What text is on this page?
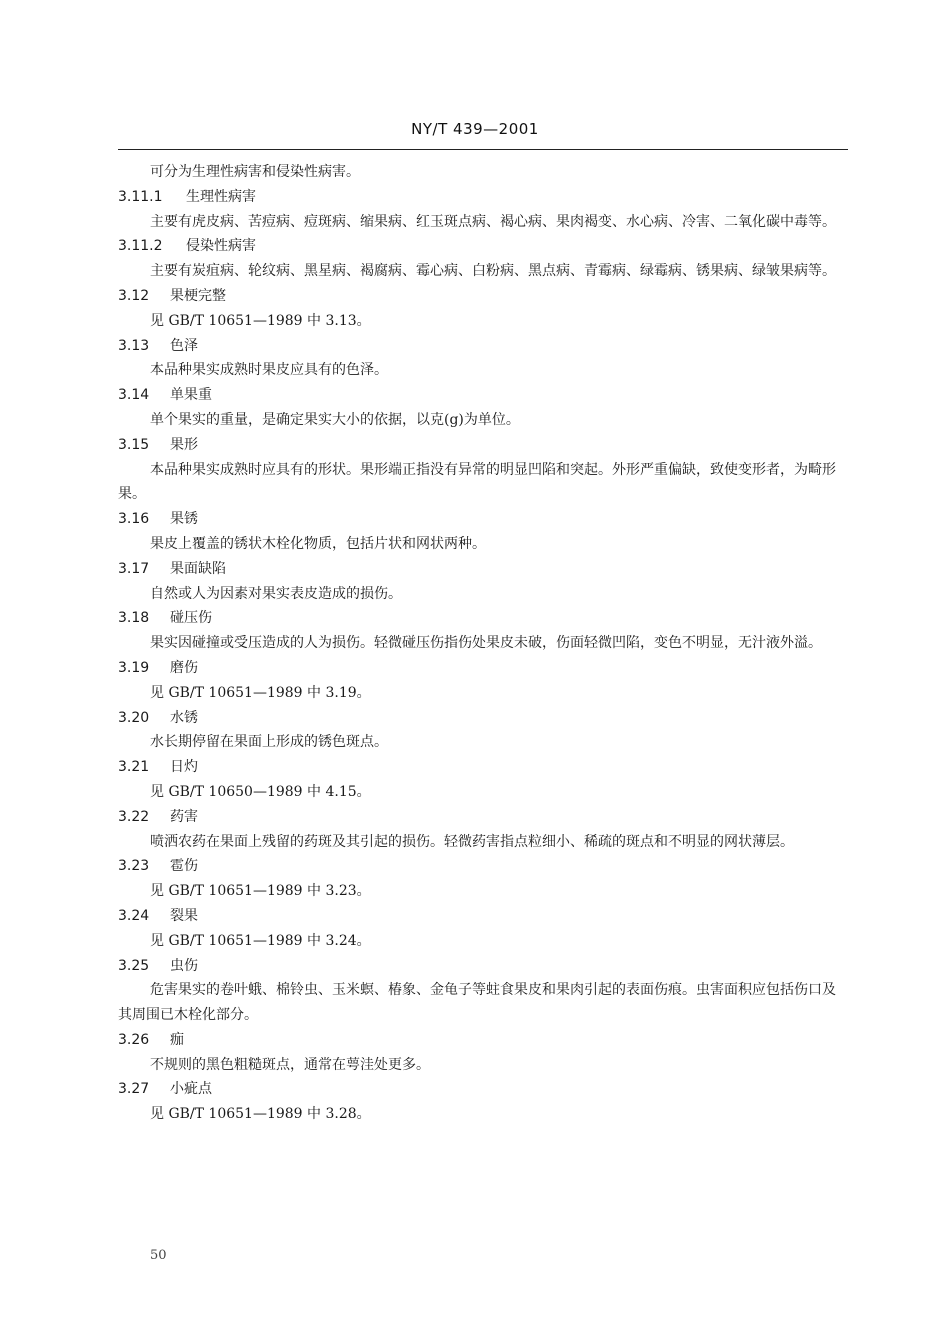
NY/T 439—2001

可分为生理性病害和侵染性病害。

3.11.1 生理性病害

主要有虎皮病、苦痘病、痘斑病、缩果病、红玉斑点病、褐心病、果肉褐变、水心病、冷害、二氧化碳中毒等。

3.11.2 侵染性病害

主要有炭疽病、轮纹病、黑星病、褐腐病、霉心病、白粉病、黑点病、青霉病、绿霉病、锈果病、绿皱果病等。

3.12 果梗完整

见 GB/T 10651—1989 中 3.13。

3.13 色泽

本品种果实成熟时果皮应具有的色泽。

3.14 单果重

单个果实的重量，是确定果实大小的依据，以克(g)为单位。

3.15 果形

本品种果实成熟时应具有的形状。果形端正指没有异常的明显凹陷和突起。外形严重偏缺，致使变形者，为畸形果。

3.16 果锈

果皮上覆盖的锈状木栓化物质，包括片状和网状两种。

3.17 果面缺陷

自然或人为因素对果实表皮造成的损伤。

3.18 碰压伤

果实因碰撞或受压造成的人为损伤。轻微碰压伤指伤处果皮未破，伤面轻微凹陷，变色不明显，无汁液外溢。

3.19 磨伤

见 GB/T 10651—1989 中 3.19。

3.20 水锈

水长期停留在果面上形成的锈色斑点。

3.21 日灼

见 GB/T 10650—1989 中 4.15。

3.22 药害

喷洒农药在果面上残留的药斑及其引起的损伤。轻微药害指点粒细小、稀疏的斑点和不明显的网状薄层。

3.23 雹伤

见 GB/T 10651—1989 中 3.23。

3.24 裂果

见 GB/T 10651—1989 中 3.24。

3.25 虫伤

危害果实的卷叶蛾、棉铃虫、玉米螟、椿象、金龟子等蛀食果皮和果肉引起的表面伤痕。虫害面积应包括伤口及其周围已木栓化部分。

3.26 痂

不规则的黑色粗糙斑点，通常在萼洼处更多。

3.27 小疵点

见 GB/T 10651—1989 中 3.28。

50
